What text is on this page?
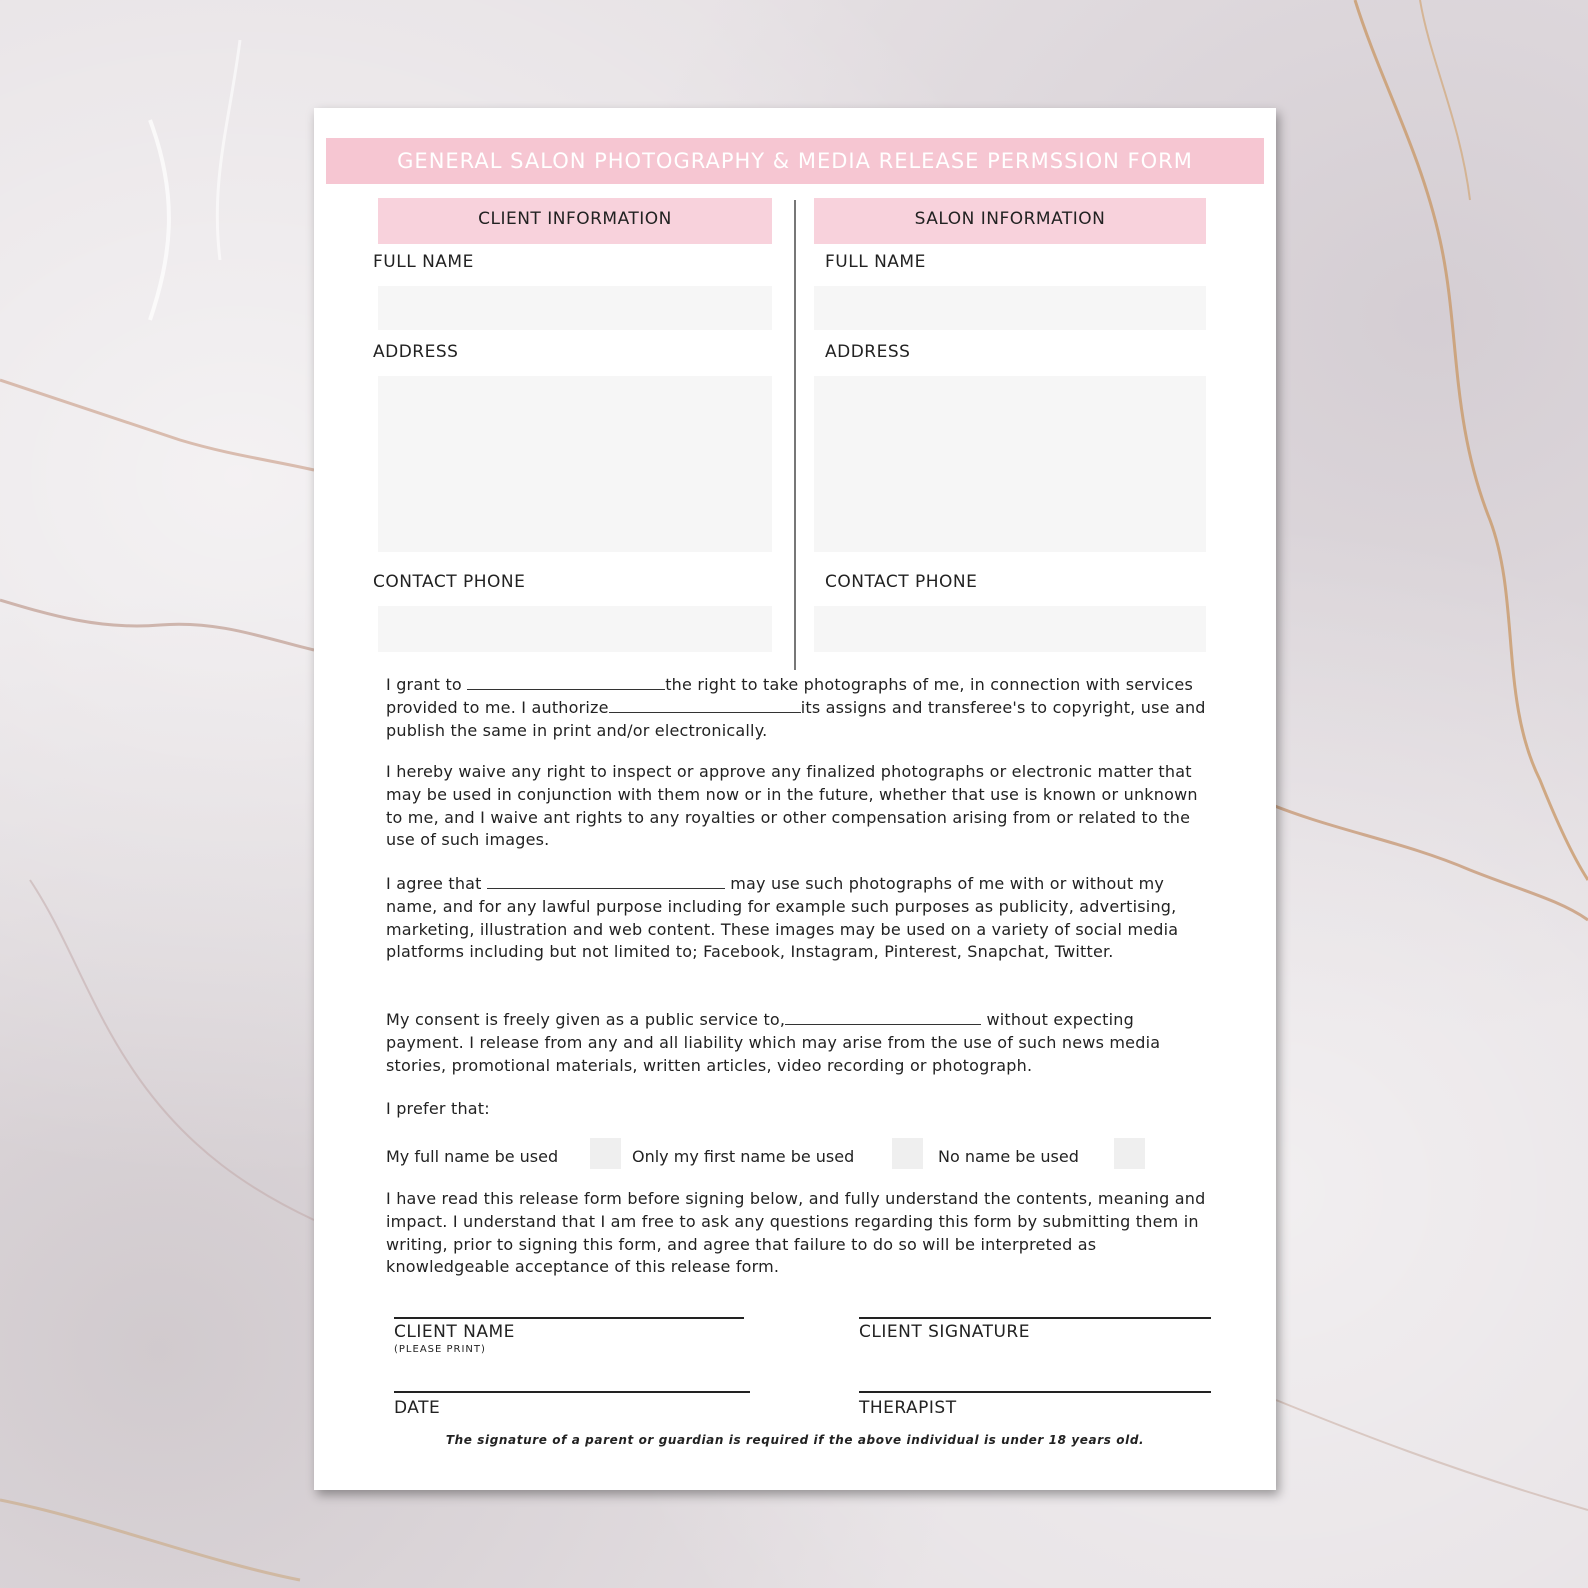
GENERAL SALON PHOTOGRAPHY & MEDIA RELEASE PERMSSION FORM
CLIENT INFORMATION
FULL NAME
ADDRESS
CONTACT PHONE
SALON INFORMATION
FULL NAME
ADDRESS
CONTACT PHONE
I grant to	the right to take photographs of me, in connection with services provided to me. I authorize	its assigns and transferee's to copyright, use and publish the same in print and/or electronically.
I hereby waive any right to inspect or approve any finalized photographs or electronic matter that may be used in conjunction with them now or in the future, whether that use is known or unknown to me, and I waive ant rights to any royalties or other compensation arising from or related to the use of such images.
I agree that	may use such photographs of me with or without my name, and for any lawful purpose including for example such purposes as publicity, advertising, marketing, illustration and web content. These images may be used on a variety of social media platforms including but not limited to; Facebook, Instagram, Pinterest, Snapchat, Twitter.
My consent is freely given as a public service to,	without expecting payment. I release from any and all liability which may arise from the use of such news media stories, promotional materials, written articles, video recording or photograph.
I prefer that:
My full name be used	Only my first name be used	No name be used
I have read this release form before signing below, and fully understand the contents, meaning and impact. I understand that I am free to ask any questions regarding this form by submitting them in writing, prior to signing this form, and agree that failure to do so will be interpreted as knowledgeable acceptance of this release form.
CLIENT NAME
(PLEASE PRINT)
CLIENT SIGNATURE
DATE	THERAPIST
The signature of a parent or guardian is required if the above individual is under 18 years old.
